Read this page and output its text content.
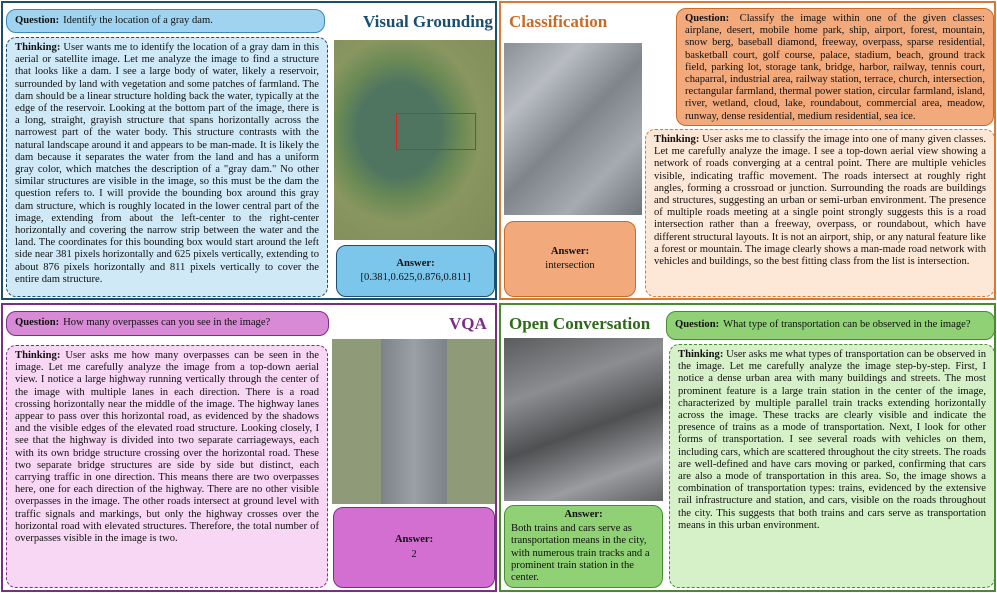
Question: Identify the location of a gray dam.	Visual Grounding
Thinking: User wants me to identify the location of a gray dam in this aerial or satellite image. Let me analyze the image to find a structure that looks like a dam. I see a large body of water, likely a reservoir, surrounded by land with vegetation and some patches of farmland. The dam should be a linear structure holding back the water, typically at the edge of the reservoir. Looking at the bottom part of the image, there is a long, straight, grayish structure that spans horizontally across the narrowest part of the water body. This structure contrasts with the natural landscape around it and appears to be man-made. It is likely the dam because it separates the water from the land and has a uniform gray color, which matches the description of a "gray dam." No other similar structures are visible in the image, so this must be the dam the question refers to. I will provide the bounding box around this gray dam structure, which is roughly located in the lower central part of the image, extending from about the left-center to the right-center horizontally and covering the narrow strip between the water and the land. The coordinates for this bounding box would start around the left side near 381 pixels horizontally and 625 pixels vertically, extending to about 876 pixels horizontally and 811 pixels vertically to cover the entire dam structure.
Answer:
[0.381,0.625,0.876,0.811]
Classification	Question: Classify the image within one of the given classes: airplane, desert, mobile home park, ship, airport, forest, mountain, snow berg, baseball diamond, freeway, overpass, sparse residential, basketball court, golf course, palace, stadium, beach, ground track field, parking lot, storage tank, bridge, harbor, railway, tennis court, chaparral, industrial area, railway station, terrace, church, intersection, rectangular farmland, thermal power station, circular farmland, island, river, wetland, cloud, lake, roundabout, commercial area, meadow, runway, dense residential, medium residential, sea ice.
Thinking: User asks me to classify the image into one of many given classes. Let me carefully analyze the image. I see a top-down aerial view showing a network of roads converging at a central point. There are multiple vehicles visible, indicating traffic movement. The roads intersect at roughly right angles, forming a crossroad or junction. Surrounding the roads are buildings and structures, suggesting an urban or semi-urban environment. The presence of multiple roads meeting at a single point strongly suggests this is a road intersection rather than a freeway, overpass, or roundabout, which have different structural layouts. It is not an airport, ship, or any natural feature like a forest or mountain. The image clearly shows a man-made road network with vehicles and buildings, so the best fitting class from the list is intersection.
Answer:
intersection
Question: How many overpasses can you see in the image?	VQA
Thinking: User asks me how many overpasses can be seen in the image. Let me carefully analyze the image from a top-down aerial view. I notice a large highway running vertically through the center of the image with multiple lanes in each direction. There is a road crossing horizontally near the middle of the image. The highway lanes appear to pass over this horizontal road, as evidenced by the shadows and the visible edges of the elevated road structure. Looking closely, I see that the highway is divided into two separate carriageways, each with its own bridge structure crossing over the horizontal road. These two separate bridge structures are side by side but distinct, each carrying traffic in one direction. This means there are two overpasses here, one for each direction of the highway. There are no other visible overpasses in the image. The other roads intersect at ground level with traffic signals and markings, but only the highway crosses over the horizontal road with elevated structures. Therefore, the total number of overpasses visible in the image is two.	Answer:
2
Open Conversation Question: What type of transportation can be observed in the image?
Thinking: User asks me what types of transportation can be observed in the image. Let me carefully analyze the image step-by-step. First, I notice a dense urban area with many buildings and streets. The most prominent feature is a large train station in the center of the image, characterized by multiple parallel train tracks extending horizontally across the image. These tracks are clearly visible and indicate the presence of trains as a mode of transportation. Next, I look for other forms of transportation. I see several roads with vehicles on them, including cars, which are scattered throughout the city streets. The roads are well-defined and have cars moving or parked, confirming that cars are also a mode of transportation in this area. So, the image shows a combination of transportation types: trains, evidenced by the extensive rail infrastructure and station, and cars, visible on the roads throughout the city. This suggests that both trains and cars serve as transportation means in this urban environment.
Answer:
Both trains and cars serve as transportation means in the city, with numerous train tracks and a prominent train station in the center.
